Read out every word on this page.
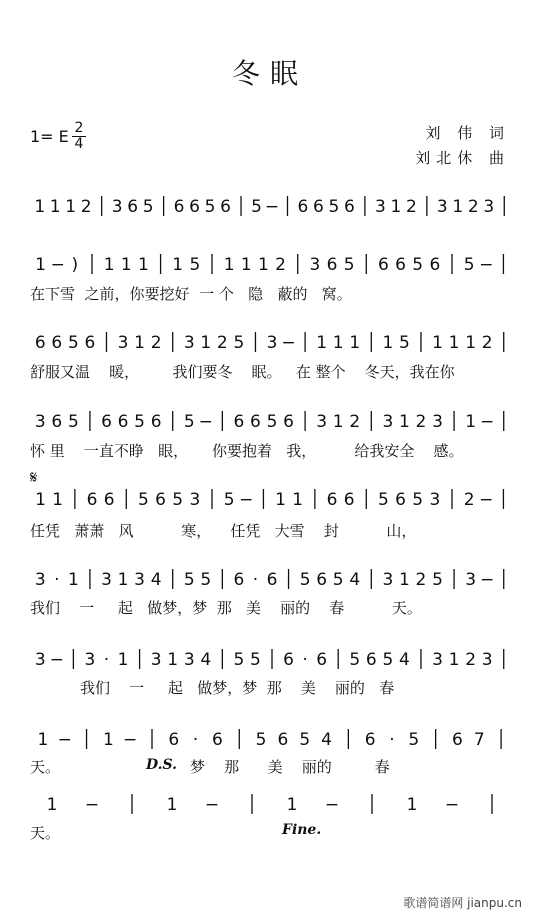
冬眠
1= E 2
4
刘 伟 词
刘北休 曲
1 1 1 2 3 6 5 6 6 5 6 5 − 6 6 5 6 3 1 2 3 1 2 3
1 − ) 1 1 1 1 5 1 1 1 2 3 6 5 6 6 5 6 5 −
6 6 5 6 3 1 2 3 1 2 5 3 − 1 1 1 1 5 1 1 1 2
3 6 5 6 6 5 6 5 − 6 6 5 6 3 1 2 3 1 2 3 1 −
1 1 6 6 5 6 5 3 5 − 1 1 6 6 5 6 5 3 2 −
3 · 1 3 1 3 4 5 5 6 · 6 5 6 5 4 3 1 2 5 3 −
3 − 3 · 1 3 1 3 4 5 5 6 · 6 5 6 5 4 3 1 2 3
1 − 1 − 6 · 6 5 6 5 4 6 · 5 6 7
1 −	1 −	1 −	1 −
𝄋
在下雪  之前，你要挖好  一 个   隐   蔽的   窝。
舒服又温    暖，       我们要冬    眠。   在 整个    冬天，我在你
怀 里    一直不睁   眼，     你要抱着   我，        给我安全    感。
任凭   萧萧   风          寒，    任凭   大雪    封          山，
我们    一     起   做梦，梦  那   美    丽的    春          天。
我们    一     起   做梦，梦  那    美    丽的   春
天。	D.S. 梦    那      美    丽的         春
天。	Fine.
歌谱简谱网 jianpu.cn
